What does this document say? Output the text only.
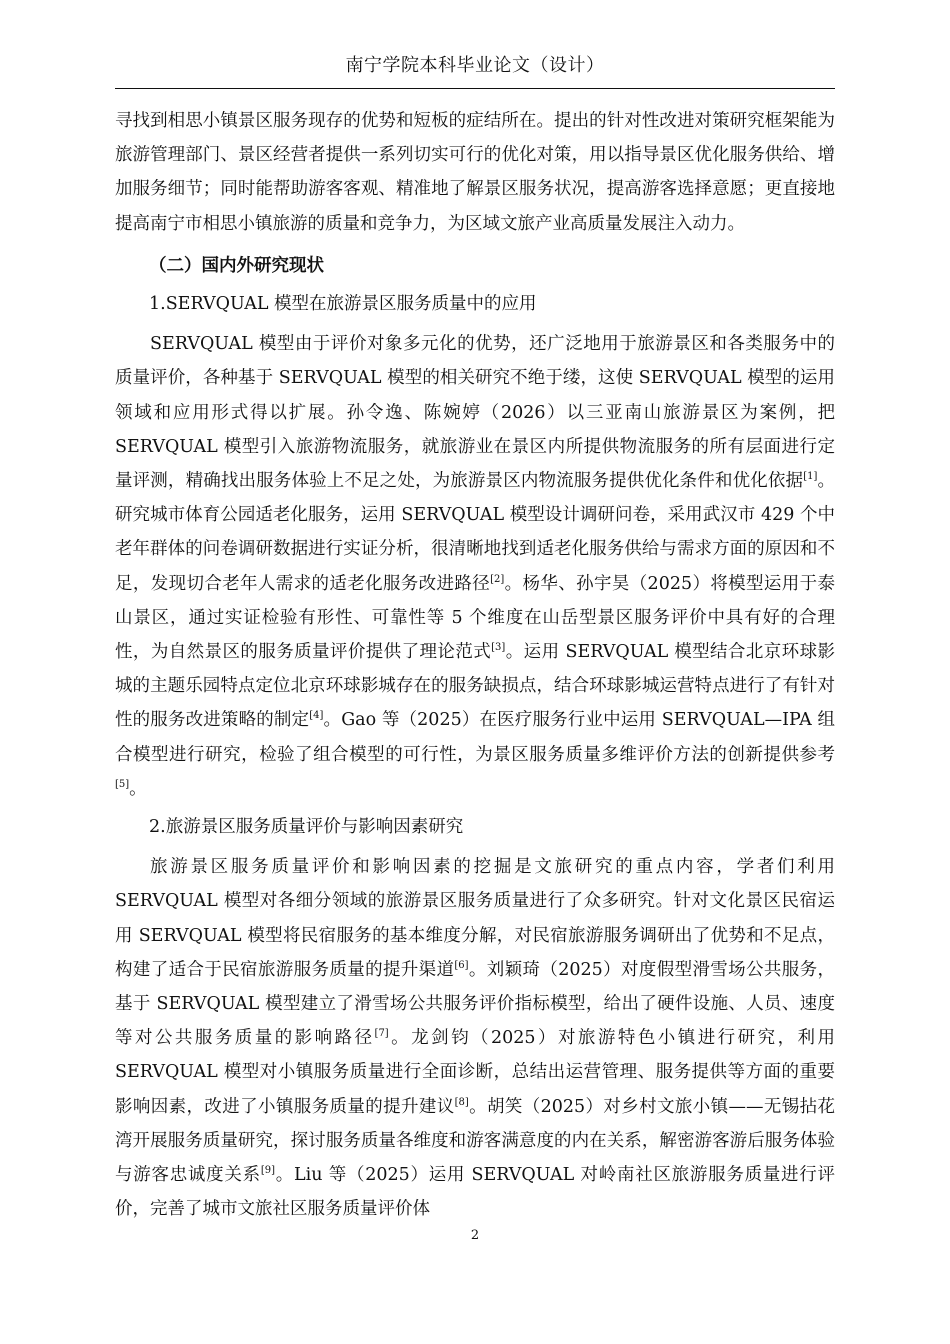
南宁学院本科毕业论文（设计）

寻找到相思小镇景区服务现存的优势和短板的症结所在。提出的针对性改进对策研究框架能为旅游管理部门、景区经营者提供一系列切实可行的优化对策，用以指导景区优化服务供给、增加服务细节；同时能帮助游客客观、精准地了解景区服务状况，提高游客选择意愿；更直接地提高南宁市相思小镇旅游的质量和竞争力，为区域文旅产业高质量发展注入动力。

（二）国内外研究现状

1.SERVQUAL 模型在旅游景区服务质量中的应用

SERVQUAL 模型由于评价对象多元化的优势，还广泛地用于旅游景区和各类服务中的质量评价，各种基于 SERVQUAL 模型的相关研究不绝于缕，这使 SERVQUAL 模型的运用领域和应用形式得以扩展。孙令逸、陈婉婷（2026）以三亚南山旅游景区为案例，把 SERVQUAL 模型引入旅游物流服务，就旅游业在景区内所提供物流服务的所有层面进行定量评测，精确找出服务体验上不足之处，为旅游景区内物流服务提供优化条件和优化依据[1]。研究城市体育公园适老化服务，运用 SERVQUAL 模型设计调研问卷，采用武汉市 429 个中老年群体的问卷调研数据进行实证分析，很清晰地找到适老化服务供给与需求方面的原因和不足，发现切合老年人需求的适老化服务改进路径[2]。杨华、孙宇昊（2025）将模型运用于泰山景区，通过实证检验有形性、可靠性等 5 个维度在山岳型景区服务评价中具有好的合理性，为自然景区的服务质量评价提供了理论范式[3]。运用 SERVQUAL 模型结合北京环球影城的主题乐园特点定位北京环球影城存在的服务缺损点，结合环球影城运营特点进行了有针对性的服务改进策略的制定[4]。Gao 等（2025）在医疗服务行业中运用 SERVQUAL—IPA 组合模型进行研究，检验了组合模型的可行性，为景区服务质量多维评价方法的创新提供参考[5]。

2.旅游景区服务质量评价与影响因素研究

旅游景区服务质量评价和影响因素的挖掘是文旅研究的重点内容，学者们利用 SERVQUAL 模型对各细分领域的旅游景区服务质量进行了众多研究。针对文化景区民宿运用 SERVQUAL 模型将民宿服务的基本维度分解，对民宿旅游服务调研出了优势和不足点，构建了适合于民宿旅游服务质量的提升渠道[6]。刘颖琦（2025）对度假型滑雪场公共服务，基于 SERVQUAL 模型建立了滑雪场公共服务评价指标模型，给出了硬件设施、人员、速度等对公共服务质量的影响路径[7]。龙剑钧（2025）对旅游特色小镇进行研究，利用 SERVQUAL 模型对小镇服务质量进行全面诊断，总结出运营管理、服务提供等方面的重要影响因素，改进了小镇服务质量的提升建议[8]。胡笑（2025）对乡村文旅小镇——无锡拈花湾开展服务质量研究，探讨服务质量各维度和游客满意度的内在关系，解密游客游后服务体验与游客忠诚度关系[9]。Liu 等（2025）运用 SERVQUAL 对岭南社区旅游服务质量进行评价，完善了城市文旅社区服务质量评价体

2
